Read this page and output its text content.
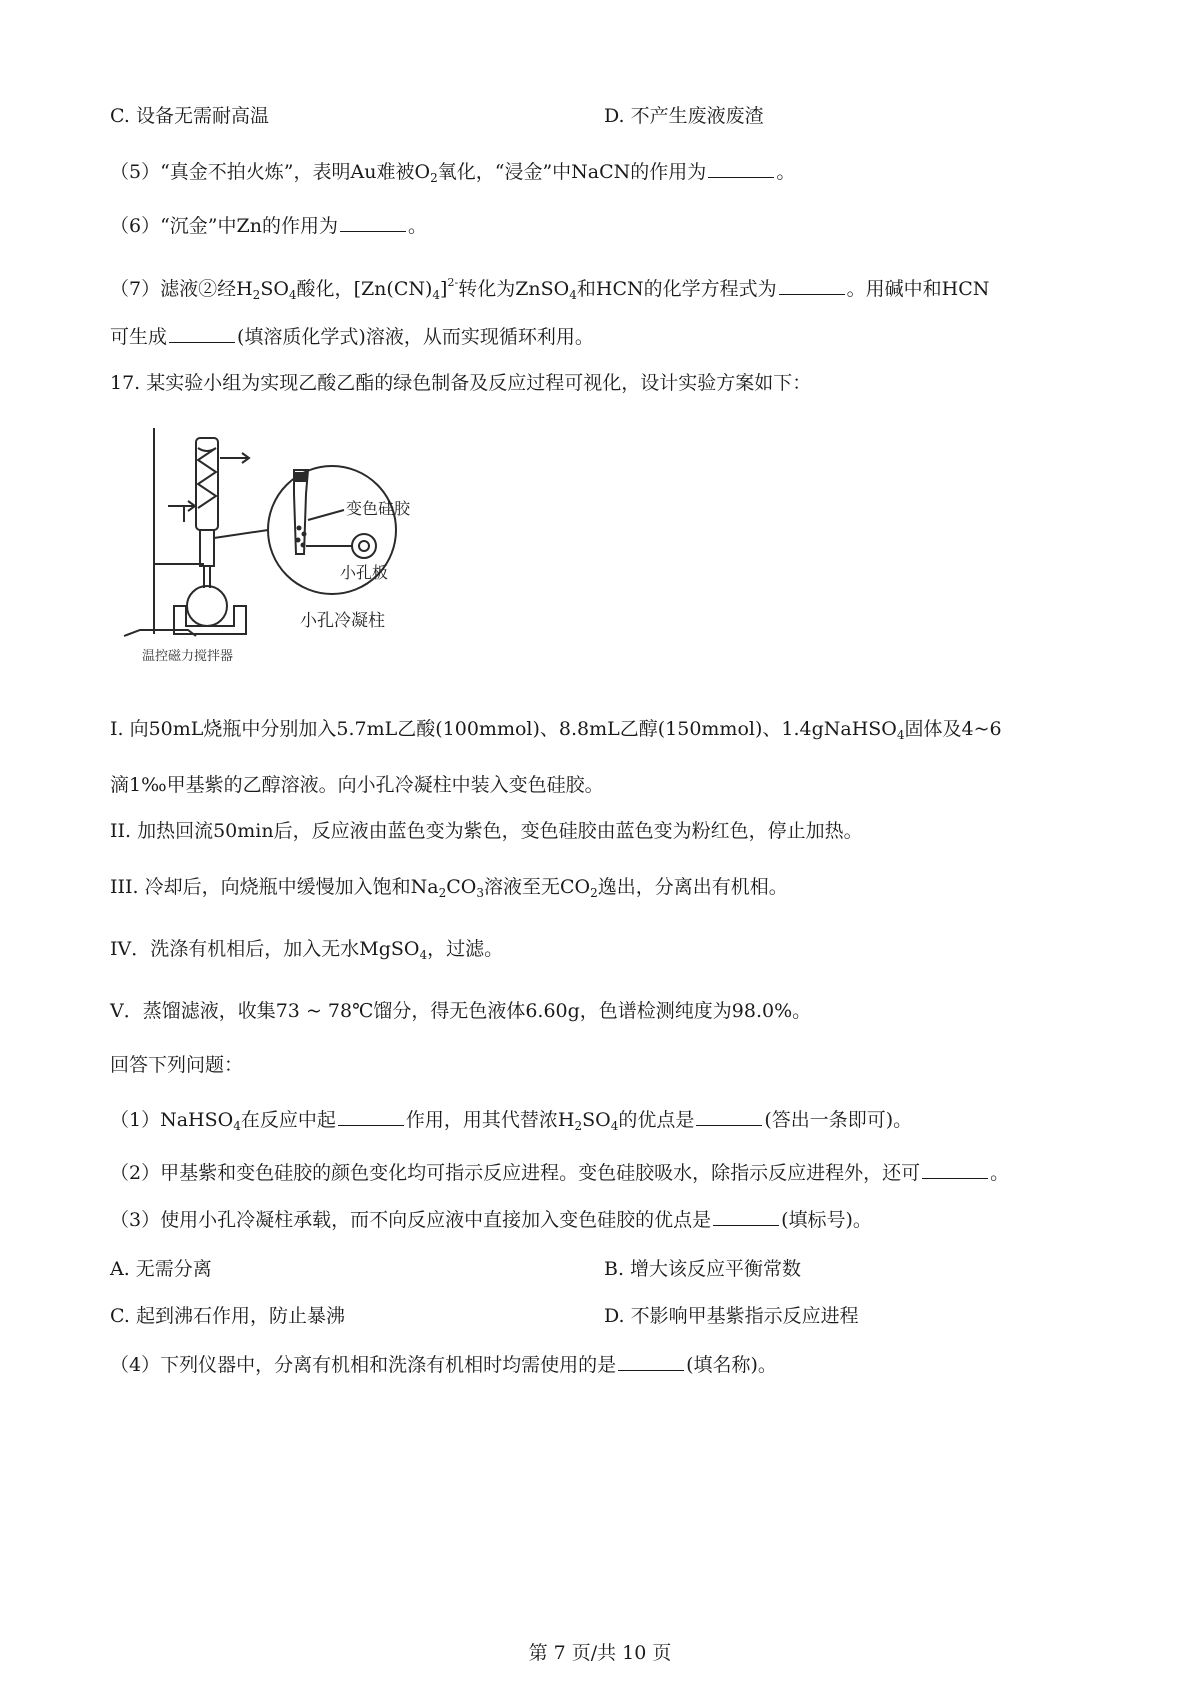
C. 设备无需耐高温	D. 不产生废液废渣
（5）“真金不拍火炼”，表明Au难被$O_2$氧化，“浸金”中NaCN的作用为	。
（6）“沉金”中Zn的作用为	。
（7）滤液②经$H_2SO_4$酸化，$[Zn(CN)_4]^{2-}$转化为ZnSO$_4$和HCN的化学方程式为	。用碱中和HCN
可生成	(填溶质化学式)溶液，从而实现循环利用。
17. 某实验小组为实现乙酸乙酯的绿色制备及反应过程可视化，设计实验方案如下：
变色硅胶
小孔板
小孔冷凝柱
温控磁力搅拌器
I. 向50mL烧瓶中分别加入5.7mL乙酸(100mmol)、8.8mL乙醇(150mmol)、1.4gNaHSO$_4$固体及4~6
滴1‰甲基紫的乙醇溶液。向小孔冷凝柱中装入变色硅胶。
II. 加热回流50min后，反应液由蓝色变为紫色，变色硅胶由蓝色变为粉红色，停止加热。
III. 冷却后，向烧瓶中缓慢加入饱和$Na_2CO_3$溶液至无$CO_2$逸出，分离出有机相。
IV．洗涤有机相后，加入无水MgSO$_4$，过滤。
V．蒸馏滤液，收集73 ~ 78℃馏分，得无色液体6.60g，色谱检测纯度为98.0%。
回答下列问题：
（1）NaHSO$_4$在反应中起	作用，用其代替浓$H_2SO_4$的优点是	(答出一条即可)。
（2）甲基紫和变色硅胶的颜色变化均可指示反应进程。变色硅胶吸水，除指示反应进程外，还可	。
（3）使用小孔冷凝柱承载，而不向反应液中直接加入变色硅胶的优点是	(填标号)。
A. 无需分离	B. 增大该反应平衡常数
C. 起到沸石作用，防止暴沸	D. 不影响甲基紫指示反应进程
（4）下列仪器中，分离有机相和洗涤有机相时均需使用的是	(填名称)。
第 7 页/共 10 页
